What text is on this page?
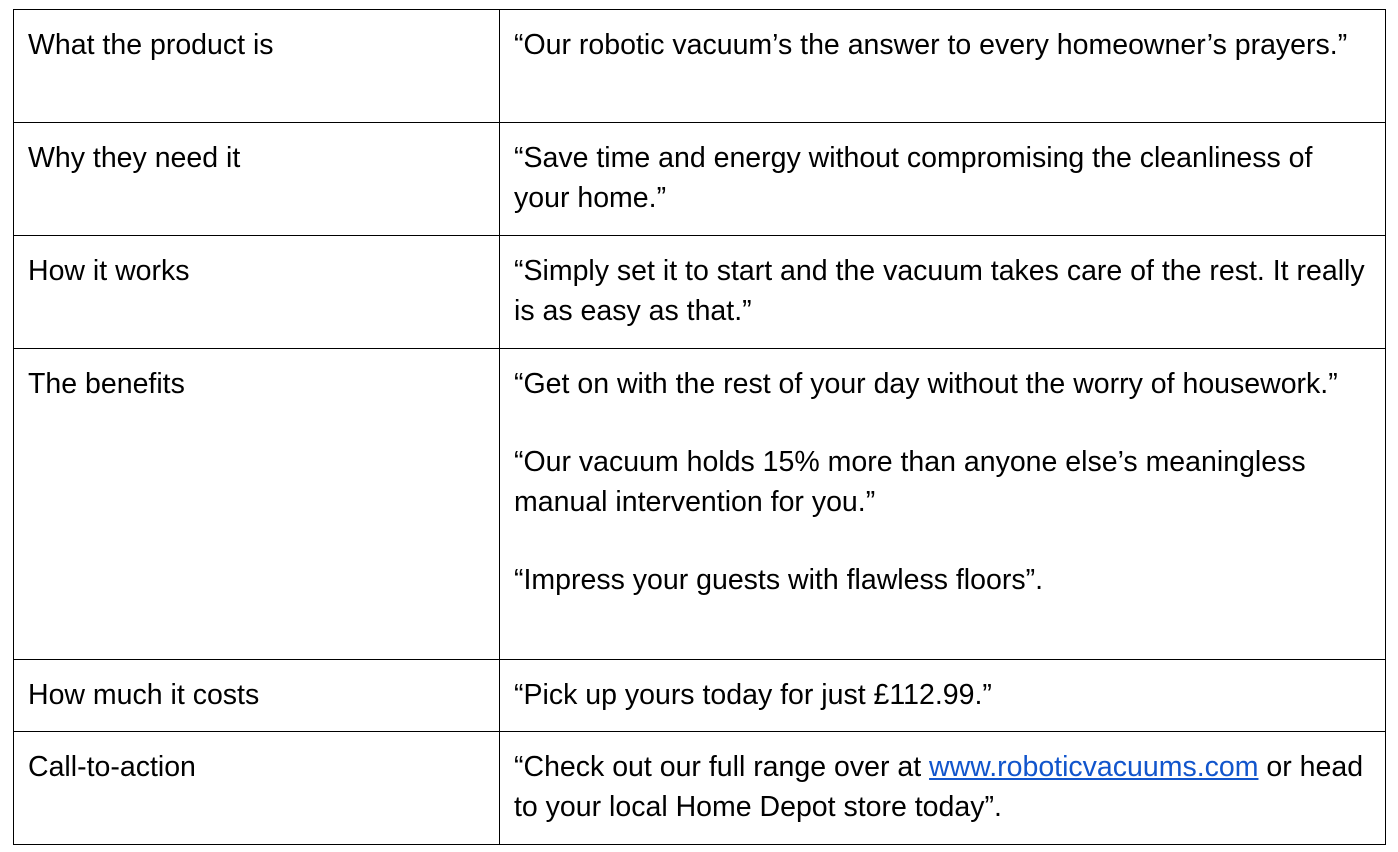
What the product is	“Our robotic vacuum’s the answer to every homeowner’s prayers.”

Why they need it	“Save time and energy without compromising the cleanliness of your home.”

How it works	“Simply set it to start and the vacuum takes care of the rest. It really is as easy as that.”

The benefits	“Get on with the rest of your day without the worry of housework.”

“Our vacuum holds 15% more than anyone else’s meaningless manual intervention for you.”

“Impress your guests with flawless floors”.

How much it costs	“Pick up yours today for just £112.99.”

Call-to-action	“Check out our full range over at www.roboticvacuums.com or head to your local Home Depot store today”.
